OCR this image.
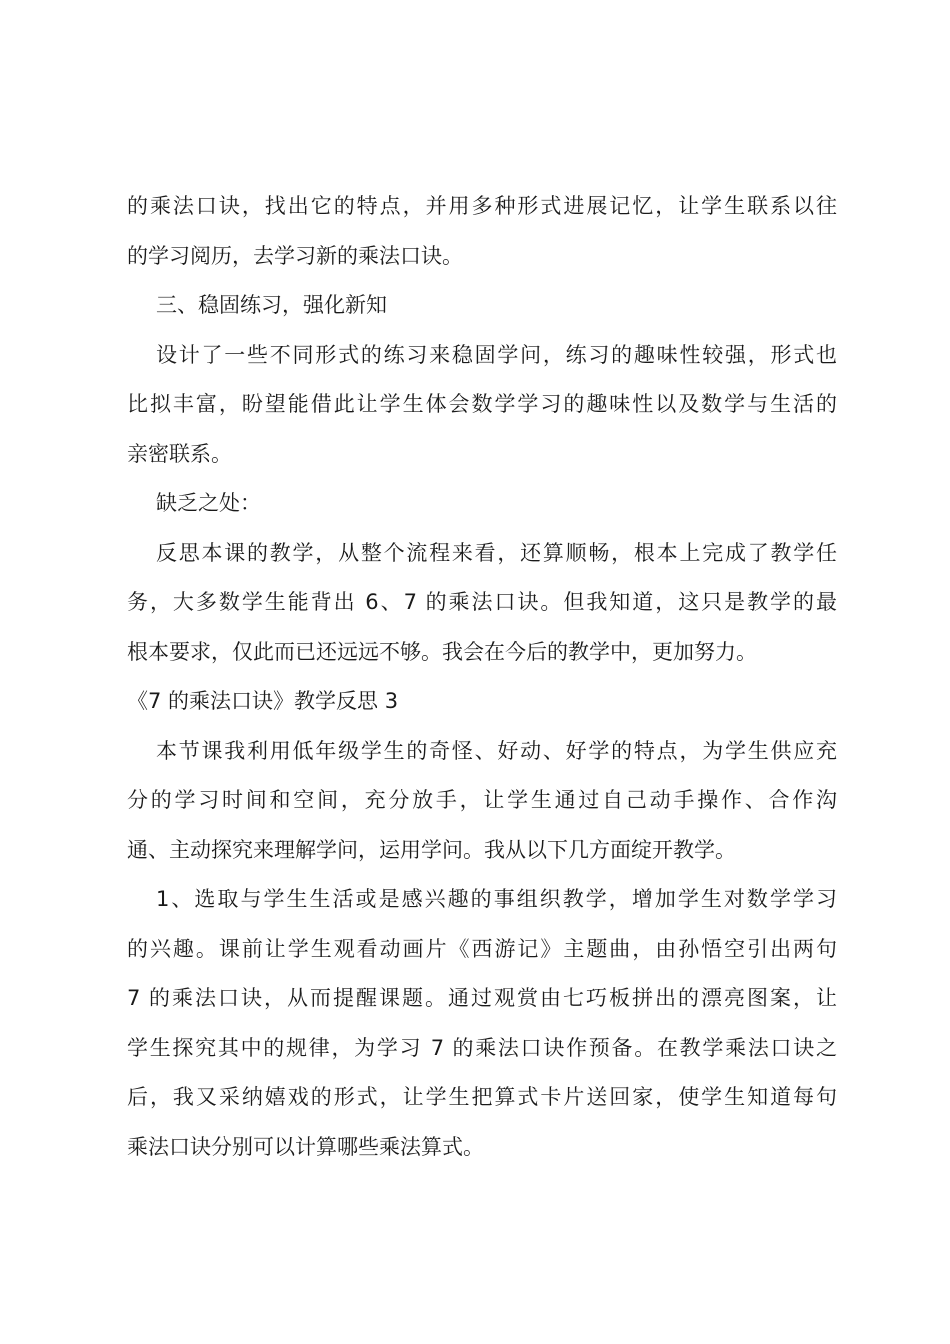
的乘法口诀，找出它的特点，并用多种形式进展记忆，让学生联系以往
的学习阅历，去学习新的乘法口诀。
三、稳固练习，强化新知
设计了一些不同形式的练习来稳固学问，练习的趣味性较强，形式也
比拟丰富，盼望能借此让学生体会数学学习的趣味性以及数学与生活的
亲密联系。
缺乏之处：
反思本课的教学，从整个流程来看，还算顺畅，根本上完成了教学任
务，大多数学生能背出 6、7 的乘法口诀。但我知道，这只是教学的最
根本要求，仅此而已还远远不够。我会在今后的教学中，更加努力。
《7 的乘法口诀》教学反思 3
本节课我利用低年级学生的奇怪、好动、好学的特点，为学生供应充
分的学习时间和空间，充分放手，让学生通过自己动手操作、合作沟
通、主动探究来理解学问，运用学问。我从以下几方面绽开教学。
1、选取与学生生活或是感兴趣的事组织教学，增加学生对数学学习
的兴趣。课前让学生观看动画片《西游记》主题曲，由孙悟空引出两句
7 的乘法口诀，从而提醒课题。通过观赏由七巧板拼出的漂亮图案，让
学生探究其中的规律，为学习 7 的乘法口诀作预备。在教学乘法口诀之
后，我又采纳嬉戏的形式，让学生把算式卡片送回家，使学生知道每句
乘法口诀分别可以计算哪些乘法算式。
